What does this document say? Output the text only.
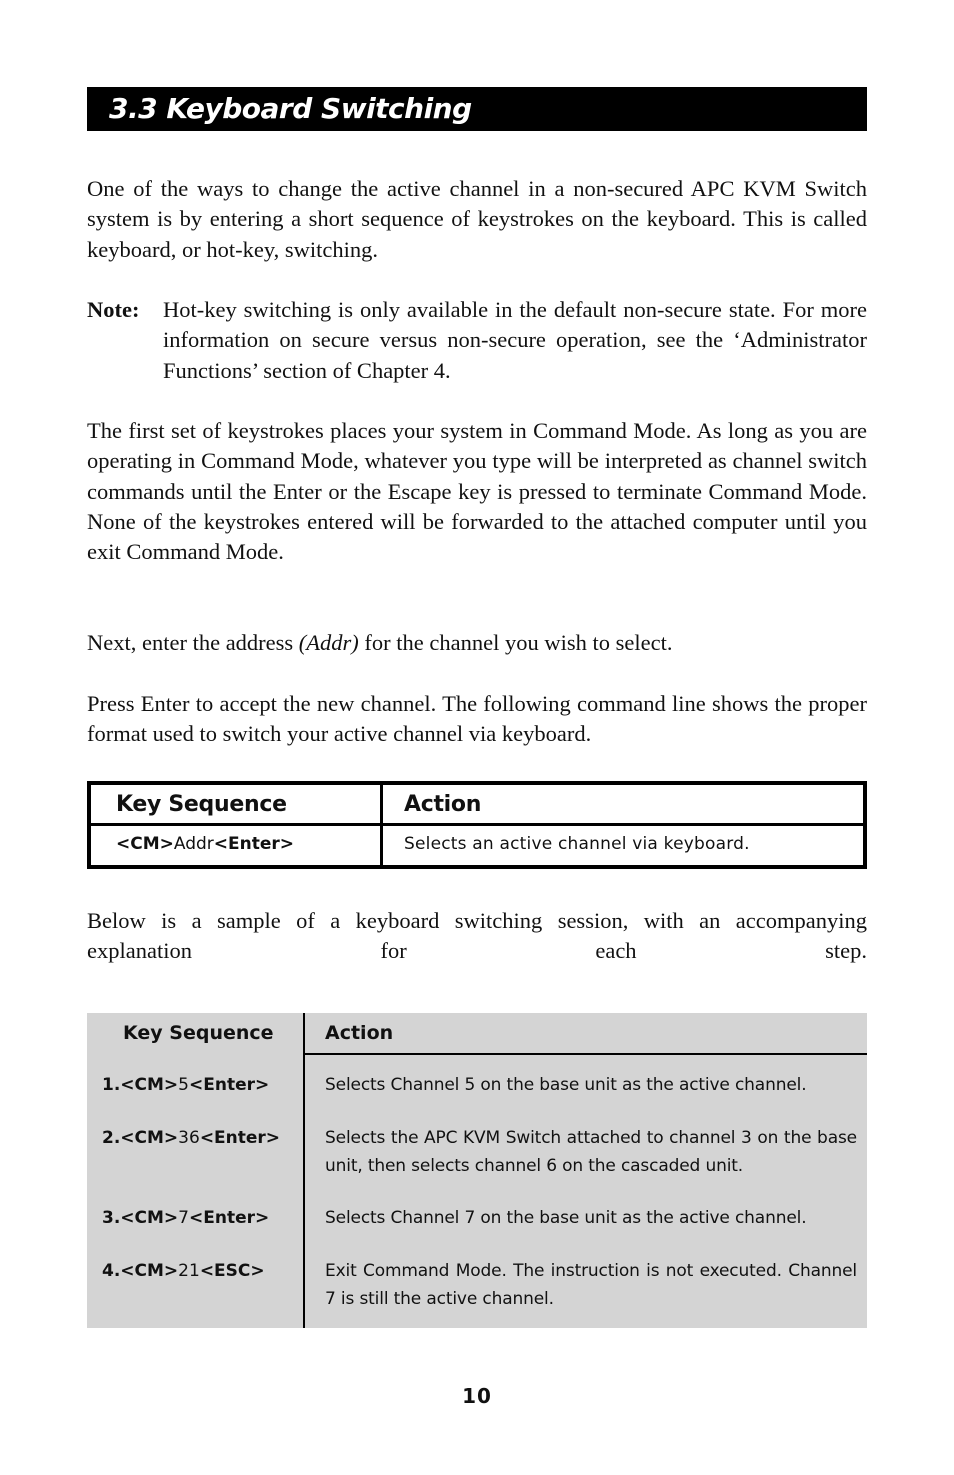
3.3 Keyboard Switching

One of the ways to change the active channel in a non-secured APC KVM Switch system is by entering a short sequence of keystrokes on the keyboard. This is called keyboard, or hot-key, switching.

Note: Hot-key switching is only available in the default non-secure state. For more information on secure versus non-secure operation, see the ‘Administrator Functions’ section of Chapter 4.

The first set of keystrokes places your system in Command Mode. As long as you are operating in Command Mode, whatever you type will be interpreted as channel switch commands until the Enter or the Escape key is pressed to terminate Command Mode. None of the keystrokes entered will be forwarded to the attached computer until you exit Command Mode.

Next, enter the address (Addr) for the channel you wish to select.

Press Enter to accept the new channel. The following command line shows the proper format used to switch your active channel via keyboard.

Key Sequence	Action
<CM>Addr<Enter>	Selects an active channel via keyboard.

Below is a sample of a keyboard switching session, with an accompanying explanation for each step.

Key Sequence	Action
1.<CM>5<Enter>	Selects Channel 5 on the base unit as the active channel.

2.<CM>36<Enter>	Selects the APC KVM Switch attached to channel 3 on the base unit, then selects channel 6 on the cascaded unit.

3.<CM>7<Enter>	Selects Channel 7 on the base unit as the active channel.

4.<CM>21<ESC>	Exit Command Mode. The instruction is not executed. Channel 7 is still the active channel.

10
